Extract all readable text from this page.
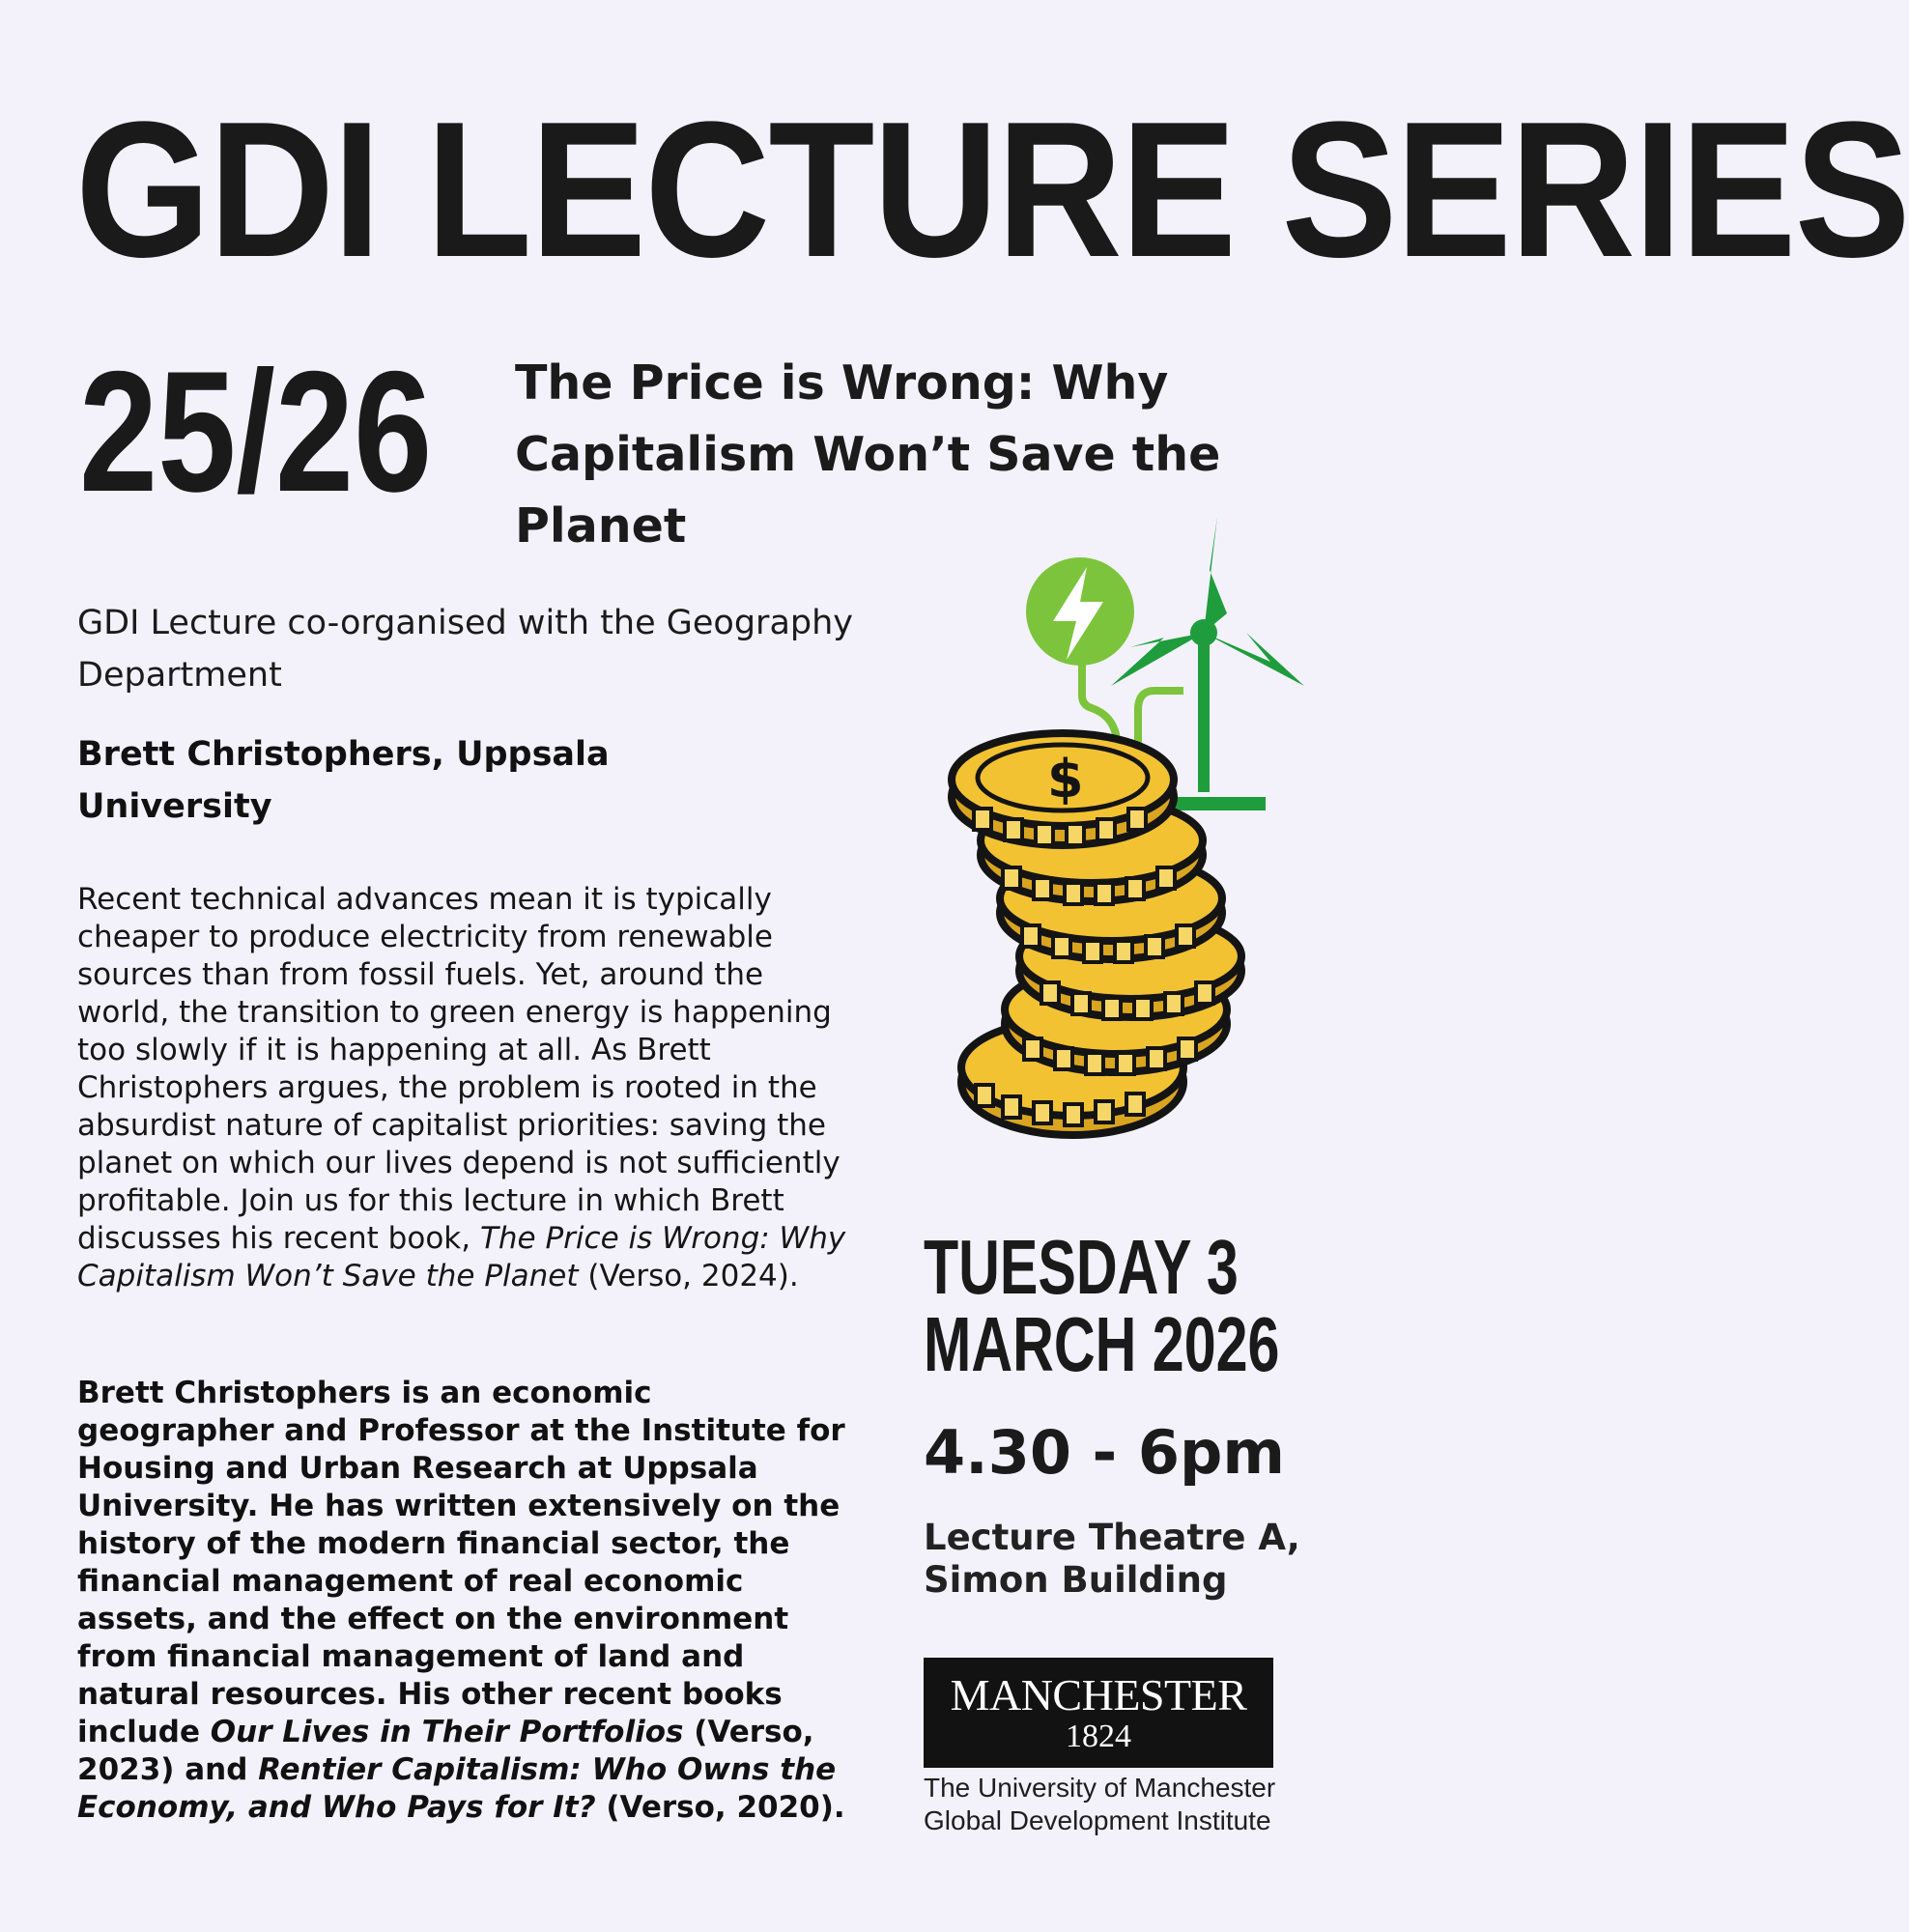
GDI LECTURE SERIES
25/26 The Price is Wrong: Why Capitalism Won’t Save the Planet
GDI Lecture co-organised with the Geography Department
Brett Christophers, Uppsala University
Recent technical advances mean it is typically cheaper to produce electricity from renewable sources than from fossil fuels. Yet, around the world, the transition to green energy is happening too slowly if it is happening at all. As Brett Christophers argues, the problem is rooted in the absurdist nature of capitalist priorities: saving the planet on which our lives depend is not sufficiently profitable. Join us for this lecture in which Brett discusses his recent book, The Price is Wrong: Why Capitalism Won’t Save the Planet (Verso, 2024).
Brett Christophers is an economic geographer and Professor at the Institute for Housing and Urban Research at Uppsala University. He has written extensively on the history of the modern financial sector, the financial management of real economic assets, and the effect on the environment from financial management of land and natural resources. His other recent books include Our Lives in Their Portfolios (Verso, 2023) and Rentier Capitalism: Who Owns the Economy, and Who Pays for It? (Verso, 2020).
$
TUESDAY 3 MARCH 2026
4.30 - 6pm
Lecture Theatre A, Simon Building
MANCHESTER
1824
The University of Manchester
Global Development Institute
